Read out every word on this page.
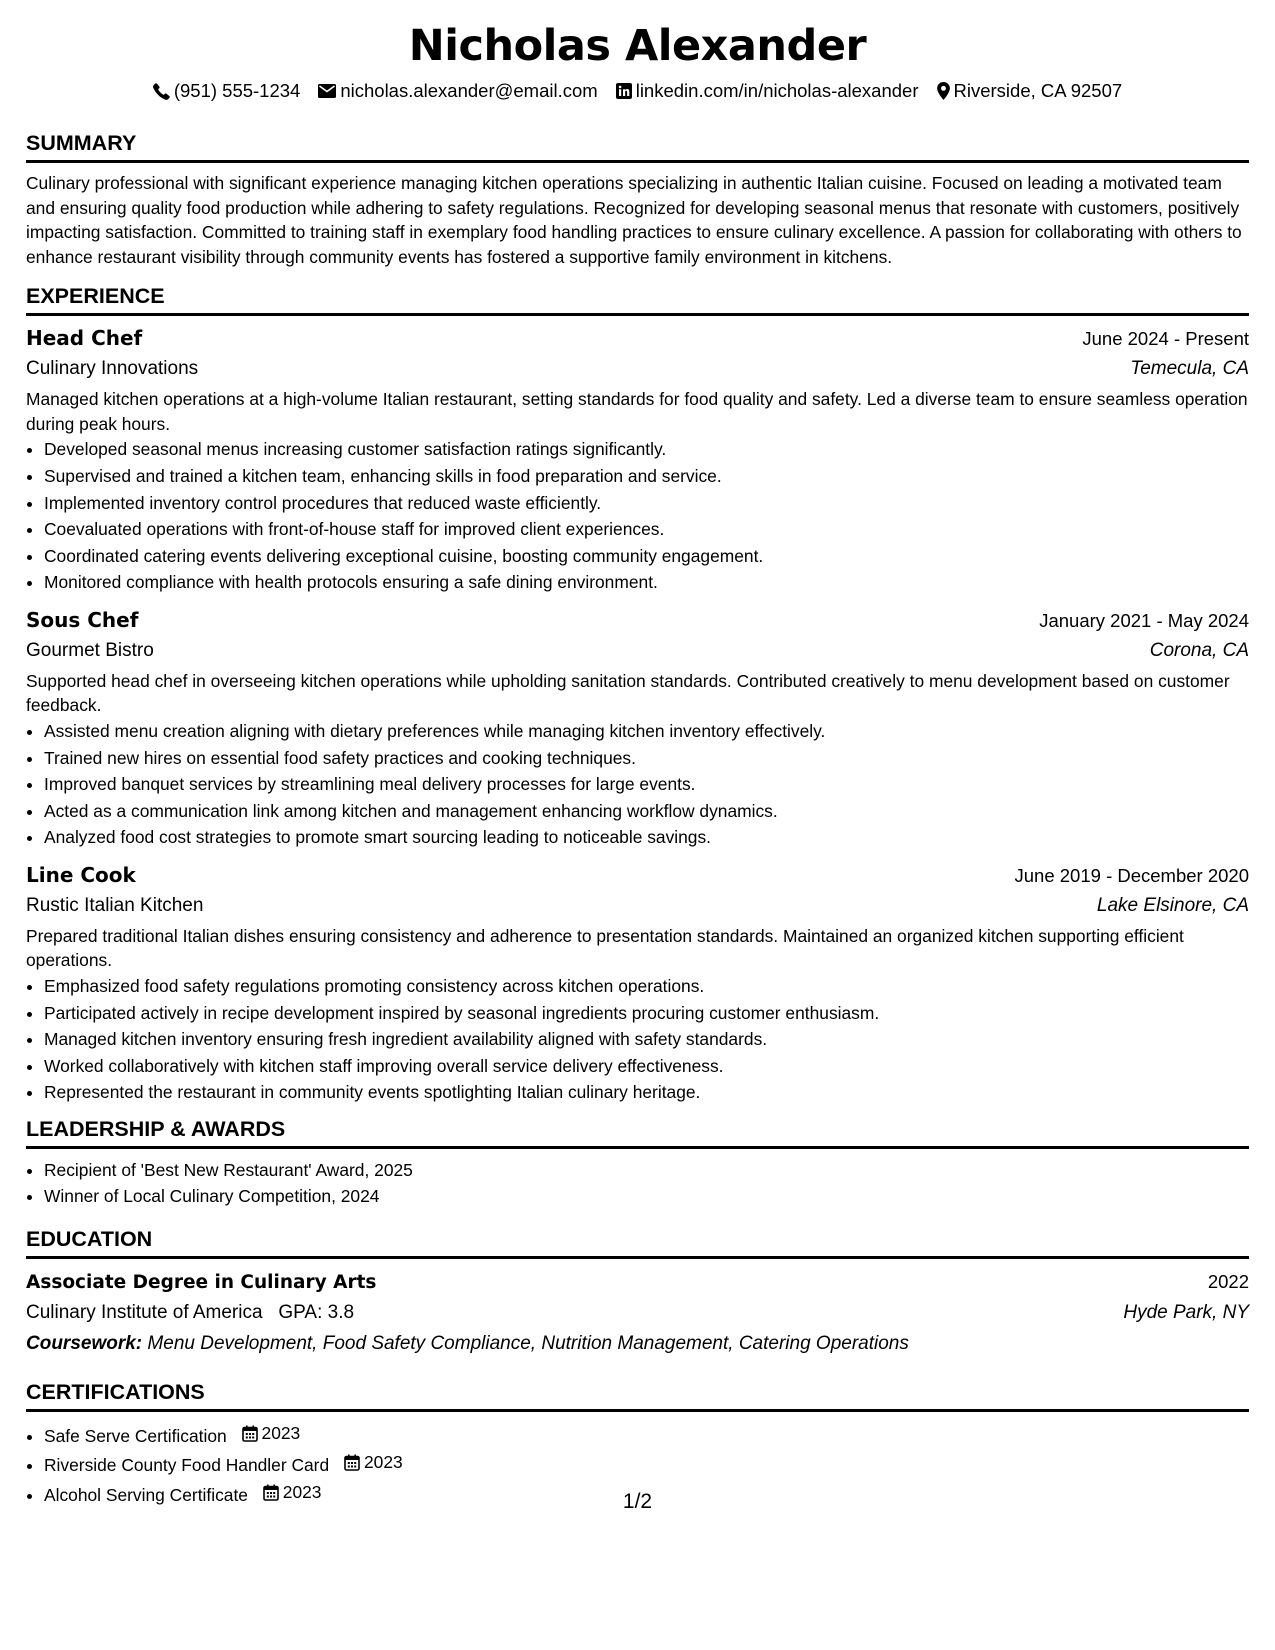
Nicholas Alexander
(951) 555-1234 nicholas.alexander@email.com linkedin.com/in/nicholas-alexander Riverside, CA 92507
SUMMARY

Culinary professional with significant experience managing kitchen operations specializing in authentic Italian cuisine. Focused on leading a motivated team and ensuring quality food production while adhering to safety regulations. Recognized for developing seasonal menus that resonate with customers, positively impacting satisfaction. Committed to training staff in exemplary food handling practices to ensure culinary excellence. A passion for collaborating with others to enhance restaurant visibility through community events has fostered a supportive family environment in kitchens.

EXPERIENCE
Head Chef	June 2024 - Present
Culinary Innovations	Temecula, CA

Managed kitchen operations at a high-volume Italian restaurant, setting standards for food quality and safety. Led a diverse team to ensure seamless operation during peak hours.

• Developed seasonal menus increasing customer satisfaction ratings significantly.
• Supervised and trained a kitchen team, enhancing skills in food preparation and service.
• Implemented inventory control procedures that reduced waste efficiently.
• Coevaluated operations with front-of-house staff for improved client experiences.
• Coordinated catering events delivering exceptional cuisine, boosting community engagement.
• Monitored compliance with health protocols ensuring a safe dining environment.
Sous Chef	January 2021 - May 2024
Gourmet Bistro	Corona, CA

Supported head chef in overseeing kitchen operations while upholding sanitation standards. Contributed creatively to menu development based on customer feedback.

• Assisted menu creation aligning with dietary preferences while managing kitchen inventory effectively.
• Trained new hires on essential food safety practices and cooking techniques.
• Improved banquet services by streamlining meal delivery processes for large events.
• Acted as a communication link among kitchen and management enhancing workflow dynamics.
• Analyzed food cost strategies to promote smart sourcing leading to noticeable savings.
Line Cook	June 2019 - December 2020
Rustic Italian Kitchen	Lake Elsinore, CA

Prepared traditional Italian dishes ensuring consistency and adherence to presentation standards. Maintained an organized kitchen supporting efficient operations.

• Emphasized food safety regulations promoting consistency across kitchen operations.
• Participated actively in recipe development inspired by seasonal ingredients procuring customer enthusiasm.
• Managed kitchen inventory ensuring fresh ingredient availability aligned with safety standards.
• Worked collaboratively with kitchen staff improving overall service delivery effectiveness.
• Represented the restaurant in community events spotlighting Italian culinary heritage.
LEADERSHIP & AWARDS
• Recipient of 'Best New Restaurant' Award, 2025
• Winner of Local Culinary Competition, 2024
EDUCATION
Associate Degree in Culinary Arts	2022
Culinary Institute of America GPA: 3.8	Hyde Park, NY
Coursework: Menu Development, Food Safety Compliance, Nutrition Management, Catering Operations
CERTIFICATIONS
• Safe Serve Certification 2023
• Riverside County Food Handler Card 2023
• Alcohol Serving Certificate 2023	1/2
